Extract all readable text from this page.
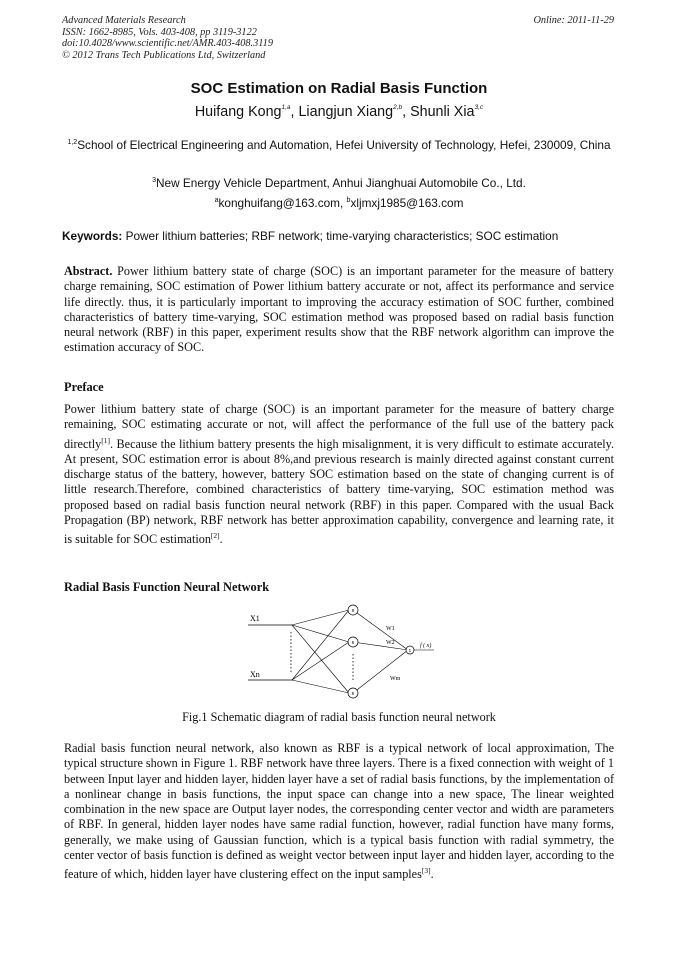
Advanced Materials Research
ISSN: 1662-8985, Vols. 403-408, pp 3119-3122
doi:10.4028/www.scientific.net/AMR.403-408.3119
© 2012 Trans Tech Publications Ltd, Switzerland
Online: 2011-11-29
SOC Estimation on Radial Basis Function
Huifang Kong$^{1,a}$, Liangjun Xiang$^{2,b}$, Shunli Xia$^{3,c}$
$^{1,2}$School of Electrical Engineering and Automation, Hefei University of Technology, Hefei, 230009, China
$^3$New Energy Vehicle Department, Anhui Jianghuai Automobile Co., Ltd.
$^a$konghuifang@163.com, $^b$xljmxj1985@163.com
Keywords: Power lithium batteries; RBF network; time-varying characteristics; SOC estimation
Abstract. Power lithium battery state of charge (SOC) is an important parameter for the measure of battery charge remaining, SOC estimation of Power lithium battery accurate or not, affect its performance and service life directly. thus, it is particularly important to improving the accuracy estimation of SOC further, combined characteristics of battery time-varying, SOC estimation method was proposed based on radial basis function neural network (RBF) in this paper, experiment results show that the RBF network algorithm can improve the estimation accuracy of SOC.
Preface
Power lithium battery state of charge (SOC) is an important parameter for the measure of battery charge remaining, SOC estimating accurate or not, will affect the performance of the full use of the battery pack directly[1]. Because the lithium battery presents the high misalignment, it is very difficult to estimate accurately. At present, SOC estimation error is about 8%,and previous research is mainly directed against constant current discharge status of the battery, however, battery SOC estimation based on the state of changing current is of little research.Therefore, combined characteristics of battery time-varying, SOC estimation method was proposed based on radial basis function neural network (RBF) in this paper. Compared with the usual Back Propagation (BP) network, RBF network has better approximation capability, convergence and learning rate, it is suitable for SOC estimation[2].
Radial Basis Function Neural Network
X1
Xn
R
R
R
Σ
W1
W2
Wm
f ( x)
Fig.1 Schematic diagram of radial basis function neural network
Radial basis function neural network, also known as RBF is a typical network of local approximation, The typical structure shown in Figure 1. RBF network have three layers. There is a fixed connection with weight of 1 between Input layer and hidden layer, hidden layer have a set of radial basis functions, by the implementation of a nonlinear change in basis functions, the input space can change into a new space, The linear weighted combination in the new space are Output layer nodes, the corresponding center vector and width are parameters of RBF. In general, hidden layer nodes have same radial function, however, radial function have many forms, generally, we make using of Gaussian function, which is a typical basis function with radial symmetry, the center vector of basis function is defined as weight vector between input layer and hidden layer, according to the feature of which, hidden layer have clustering effect on the input samples[3].
